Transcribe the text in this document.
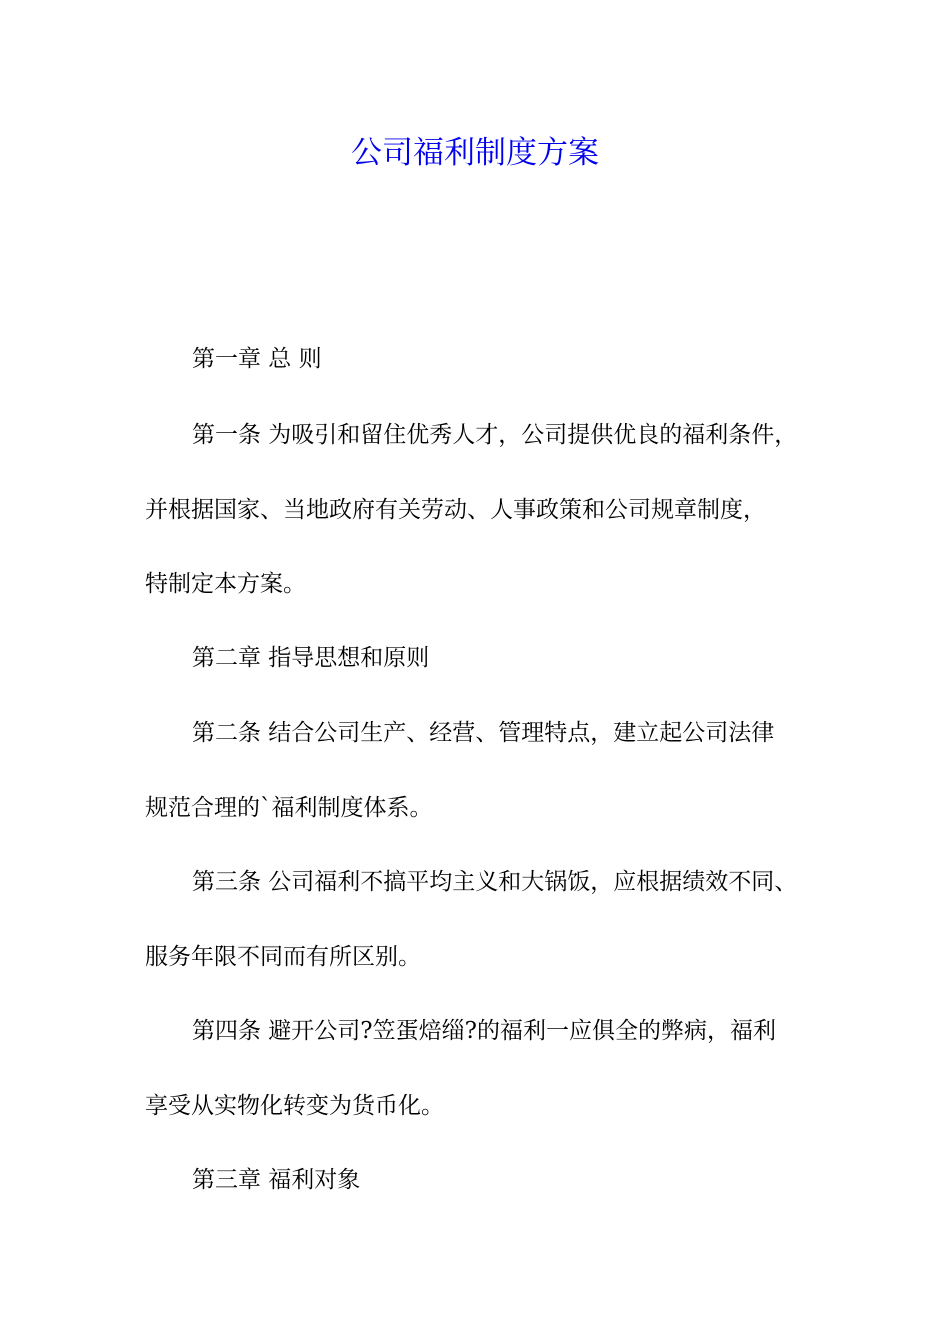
公司福利制度方案

第一章 总 则

第一条 为吸引和留住优秀人才，公司提供优良的福利条件，

并根据国家、当地政府有关劳动、人事政策和公司规章制度，

特制定本方案。

第二章 指导思想和原则

第二条 结合公司生产、经营、管理特点，建立起公司法律

规范合理的`福利制度体系。

第三条 公司福利不搞平均主义和大锅饭，应根据绩效不同、

服务年限不同而有所区别。

第四条 避开公司?笠蛋焙缁?的福利一应俱全的弊病，福利

享受从实物化转变为货币化。

第三章 福利对象
